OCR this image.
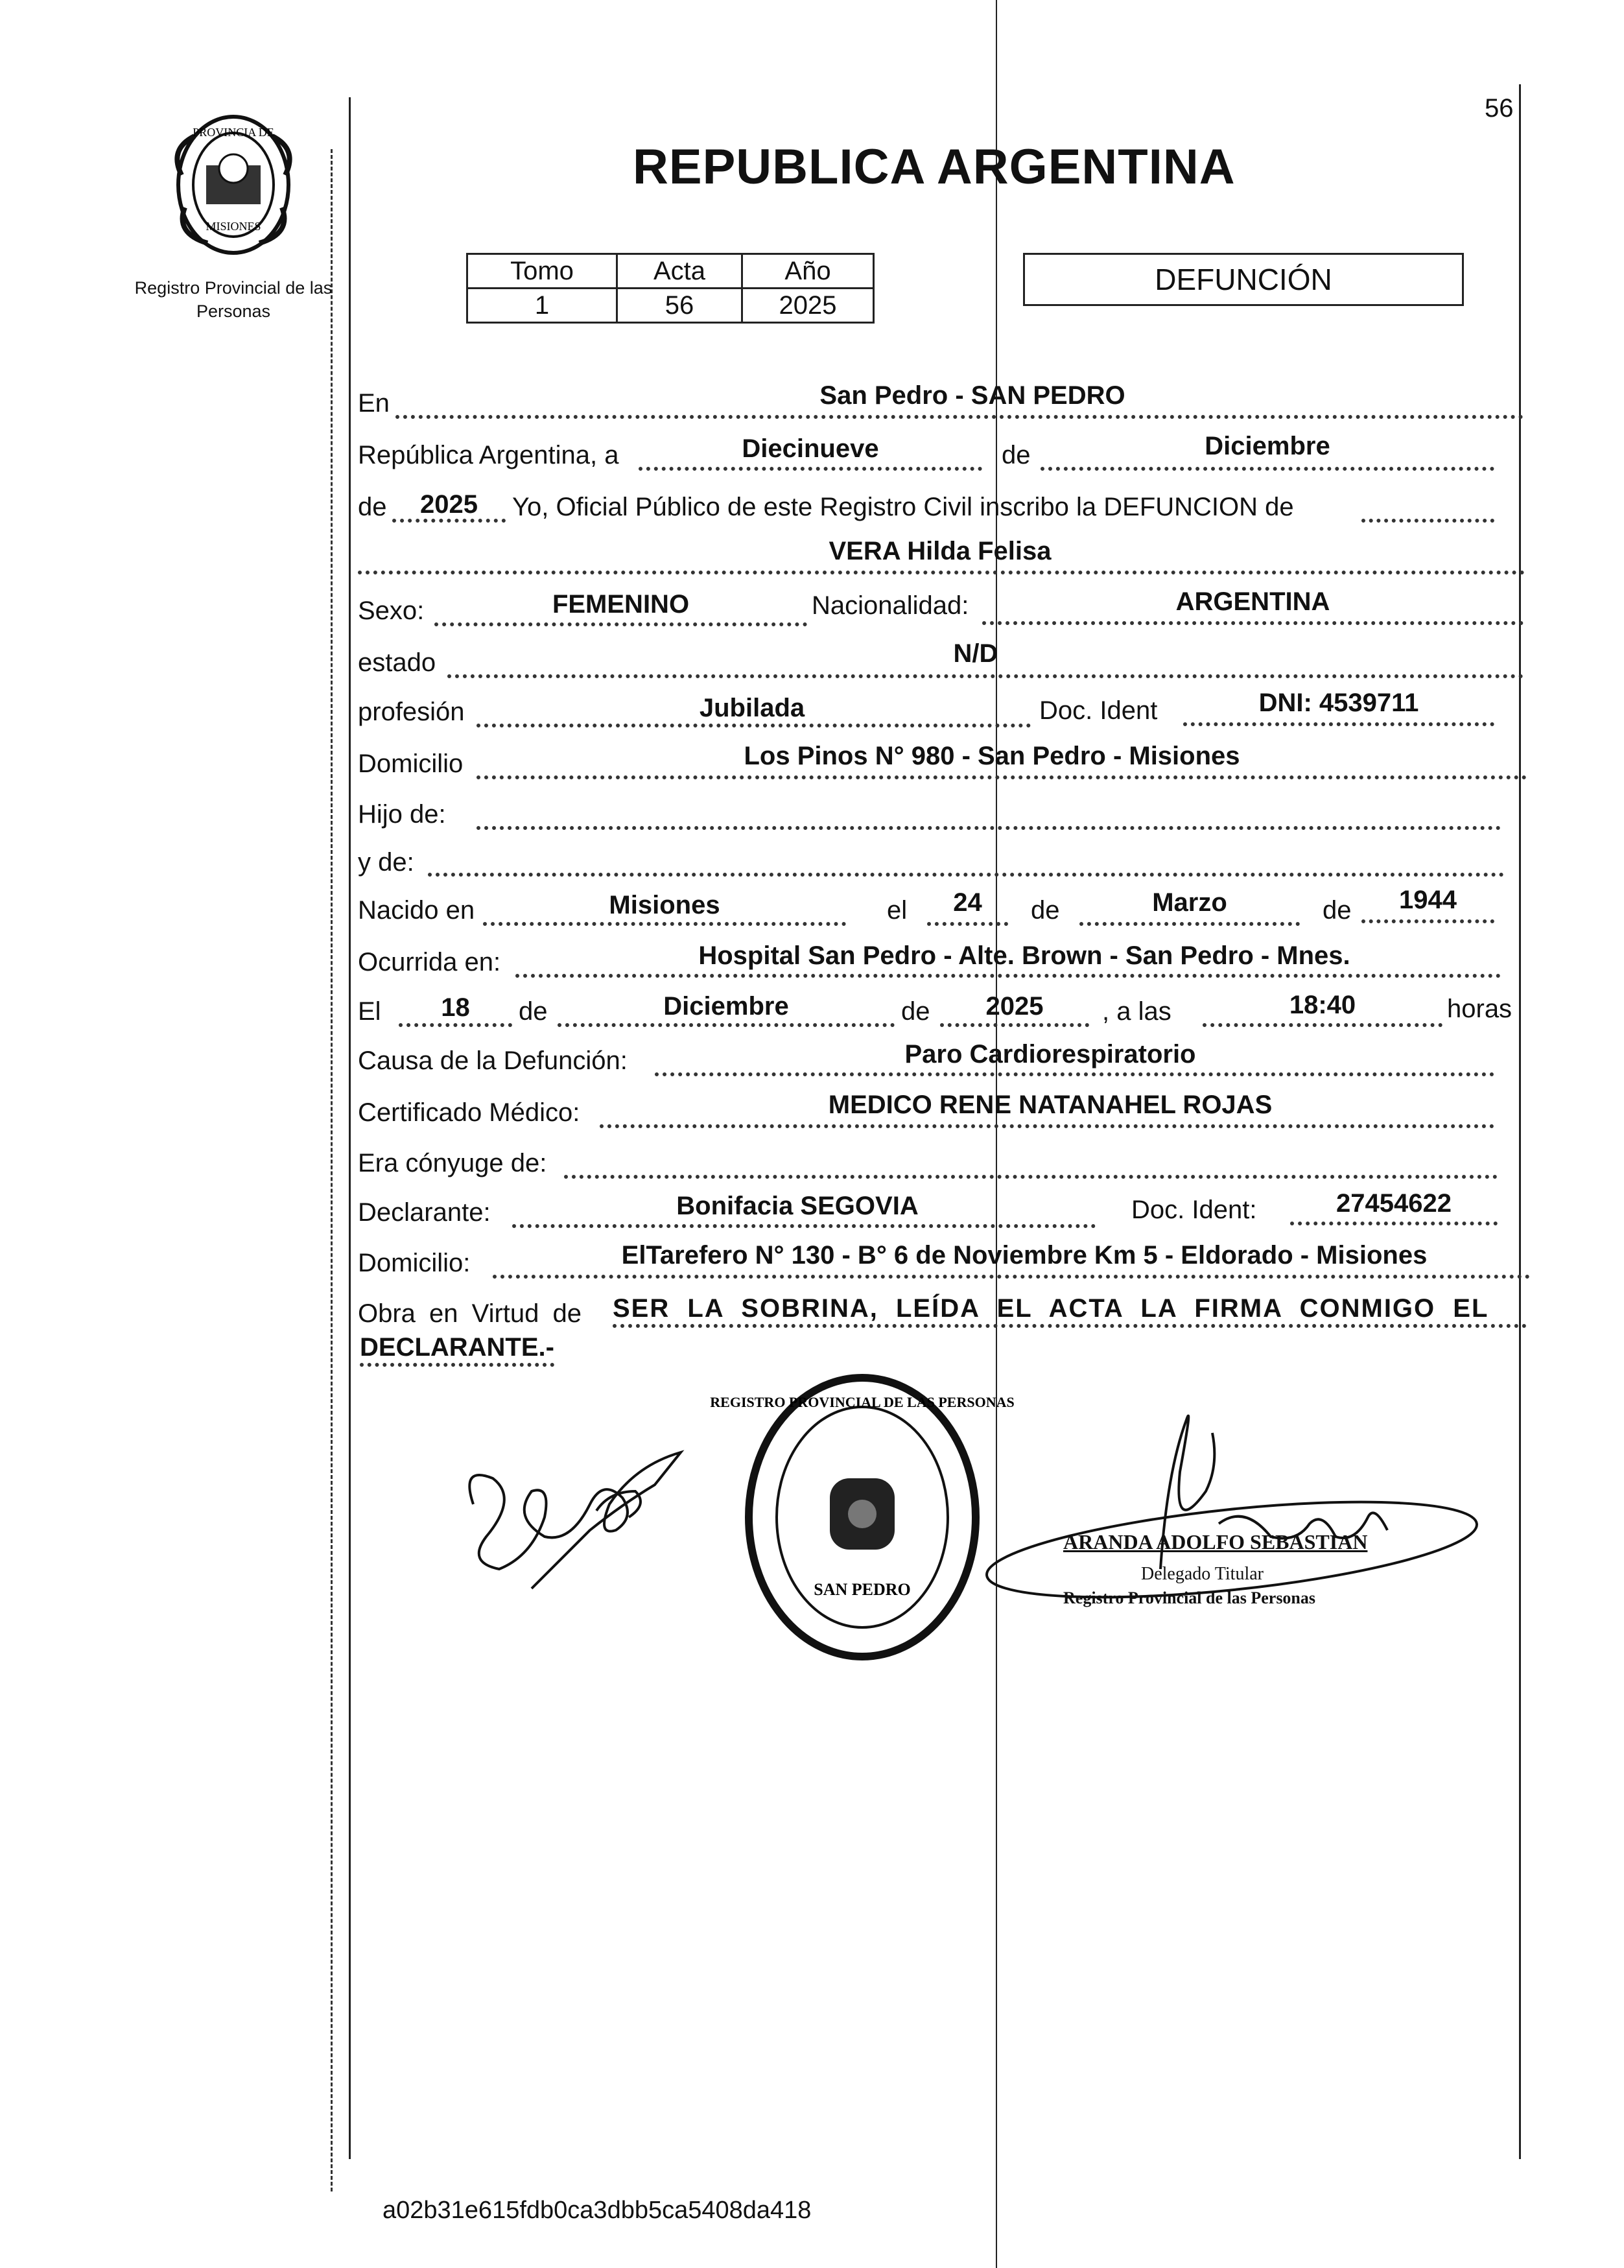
56
PROVINCIA DE
MISIONES
Registro Provincial de las Personas
REPUBLICA ARGENTINA
Tomo	Acta	Año
1	56	2025
DEFUNCIÓN
En	San Pedro - SAN PEDRO
República Argentina, a	Diecinueve	de	Diciembre
de	2025	Yo, Oficial Público de este Registro Civil inscribo la DEFUNCION de
VERA Hilda Felisa
Sexo:	FEMENINO	Nacionalidad:	ARGENTINA
estado	N/D
profesión	Jubilada	Doc. Ident	DNI: 4539711
Domicilio	Los Pinos N° 980 - San Pedro - Misiones
Hijo de:
y de:
Nacido en	Misiones	el	24	de	Marzo	de	1944
Ocurrida en:	Hospital San Pedro - Alte. Brown - San Pedro - Mnes.
El	18	de	Diciembre	de	2025	, a las	18:40	horas
Causa de la Defunción:	Paro Cardiorespiratorio
Certificado Médico:	MEDICO RENE NATANAHEL ROJAS
Era cónyuge de:
Declarante:	Bonifacia SEGOVIA	Doc. Ident:	27454622
Domicilio:	ElTarefero N° 130 - B° 6 de Noviembre Km 5 - Eldorado - Misiones
Obra en Virtud de SER LA SOBRINA, LEÍDA EL ACTA LA FIRMA CONMIGO EL
DECLARANTE.-
REGISTRO PROVINCIAL DE LAS PERSONAS
SAN PEDRO
ARANDA ADOLFO SEBASTIAN
Delegado Titular
Registro Provincial de las Personas
a02b31e615fdb0ca3dbb5ca5408da418
